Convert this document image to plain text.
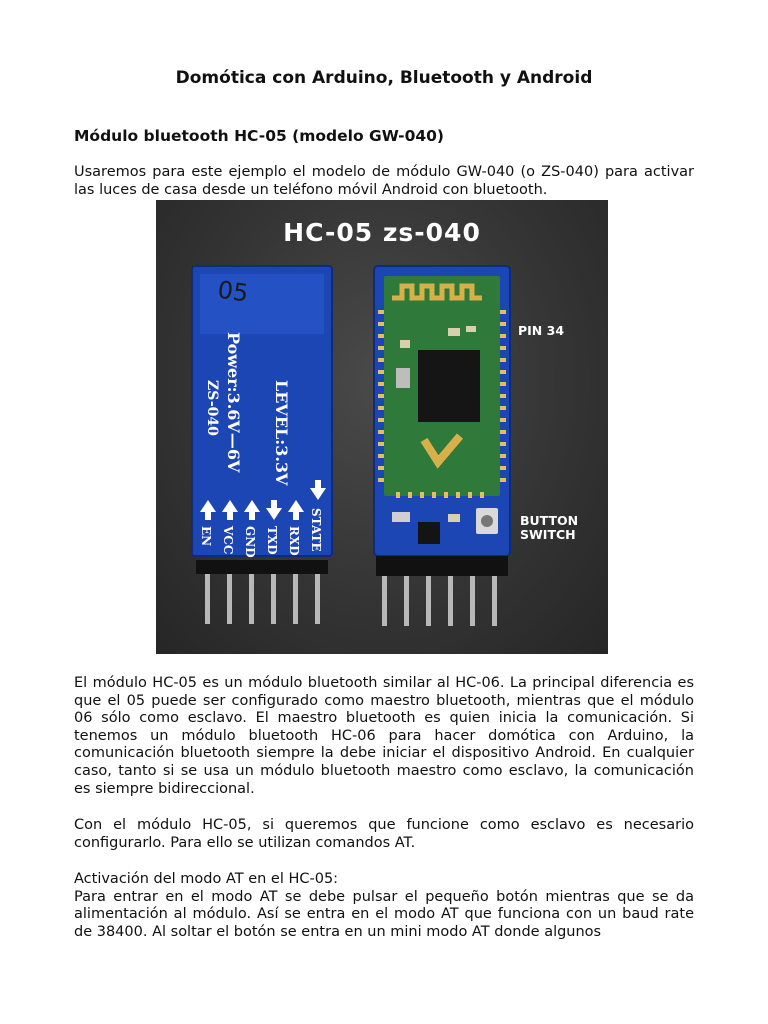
Domótica con Arduino, Bluetooth y Android
Módulo bluetooth HC-05 (modelo GW-040)
Usaremos para este ejemplo el modelo de módulo GW-040 (o ZS-040) para activar las luces de casa desde un teléfono móvil Android con bluetooth.
HC-05 zs-040
05
Power:3.6V—6V
ZS-040	LEVEL:3.3V
EN VCC GND TXD RXD STATE
PIN 34
BUTTON
SWITCH
El módulo HC-05 es un módulo bluetooth similar al HC-06. La principal diferencia es que el 05 puede ser configurado como maestro bluetooth, mientras que el módulo 06 sólo como esclavo. El maestro bluetooth es quien inicia la comunicación. Si tenemos un módulo bluetooth HC-06 para hacer domótica con Arduino, la comunicación bluetooth siempre la debe iniciar el dispositivo Android. En cualquier caso, tanto si se usa un módulo bluetooth maestro como esclavo, la comunicación es siempre bidireccional.
Con el módulo HC-05, si queremos que funcione como esclavo es necesario configurarlo. Para ello se utilizan comandos AT.
Activación del modo AT en el HC-05:
Para entrar en el modo AT se debe pulsar el pequeño botón mientras que se da alimentación al módulo. Así se entra en el modo AT que funciona con un baud rate de 38400. Al soltar el botón se entra en un mini modo AT donde algunos
